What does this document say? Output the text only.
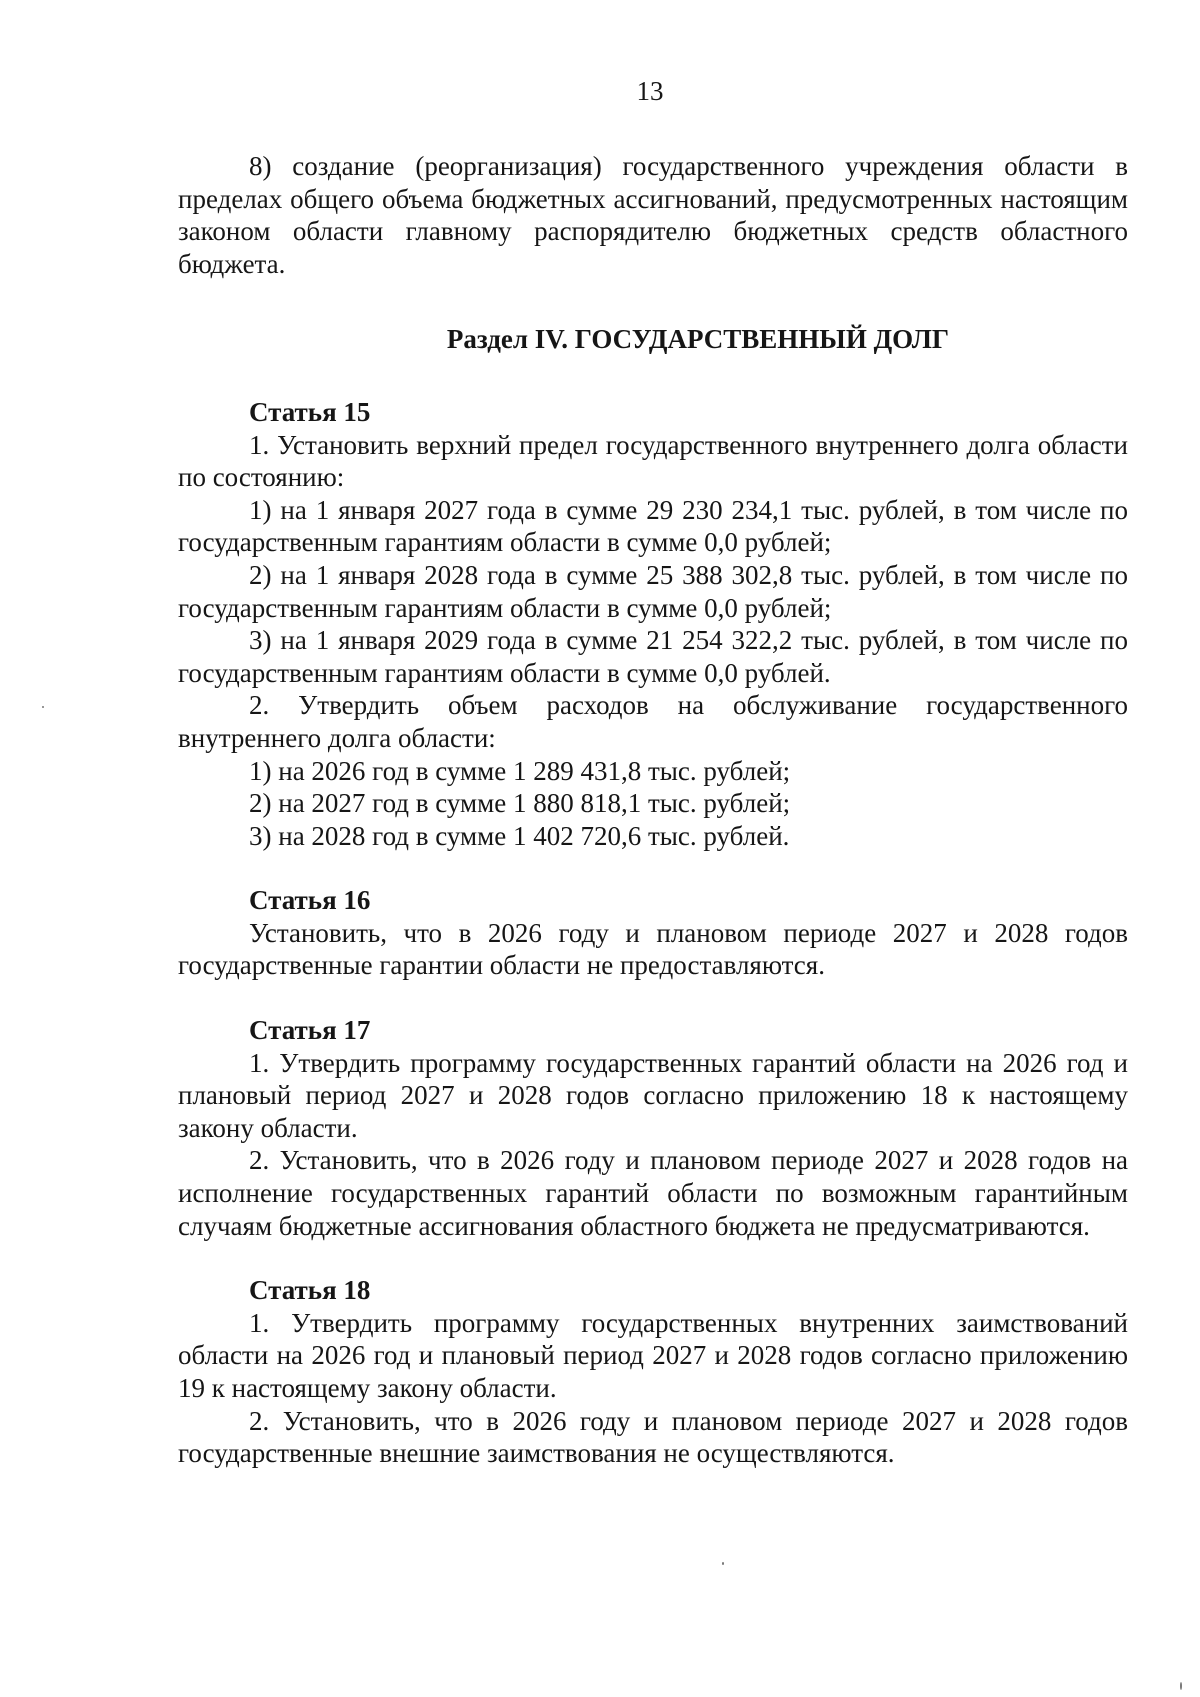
13

8) создание (реорганизация) государственного учреждения области в пределах общего объема бюджетных ассигнований, предусмотренных настоящим законом области главному распорядителю бюджетных средств областного бюджета.

Раздел IV. ГОСУДАРСТВЕННЫЙ ДОЛГ

Статья 15

1. Установить верхний предел государственного внутреннего долга области по состоянию:

1) на 1 января 2027 года в сумме 29 230 234,1 тыс. рублей, в том числе по государственным гарантиям области в сумме 0,0 рублей;

2) на 1 января 2028 года в сумме 25 388 302,8 тыс. рублей, в том числе по государственным гарантиям области в сумме 0,0 рублей;

3) на 1 января 2029 года в сумме 21 254 322,2 тыс. рублей, в том числе по государственным гарантиям области в сумме 0,0 рублей.

2. Утвердить объем расходов на обслуживание государственного внутреннего долга области:

1) на 2026 год в сумме 1 289 431,8 тыс. рублей;

2) на 2027 год в сумме 1 880 818,1 тыс. рублей;

3) на 2028 год в сумме 1 402 720,6 тыс. рублей.

Статья 16

Установить, что в 2026 году и плановом периоде 2027 и 2028 годов государственные гарантии области не предоставляются.

Статья 17

1. Утвердить программу государственных гарантий области на 2026 год и плановый период 2027 и 2028 годов согласно приложению 18 к настоящему закону области.

2. Установить, что в 2026 году и плановом периоде 2027 и 2028 годов на исполнение государственных гарантий области по возможным гарантийным случаям бюджетные ассигнования областного бюджета не предусматриваются.

Статья 18

1. Утвердить программу государственных внутренних заимствований области на 2026 год и плановый период 2027 и 2028 годов согласно приложению 19 к настоящему закону области.

2. Установить, что в 2026 году и плановом периоде 2027 и 2028 годов государственные внешние заимствования не осуществляются.
